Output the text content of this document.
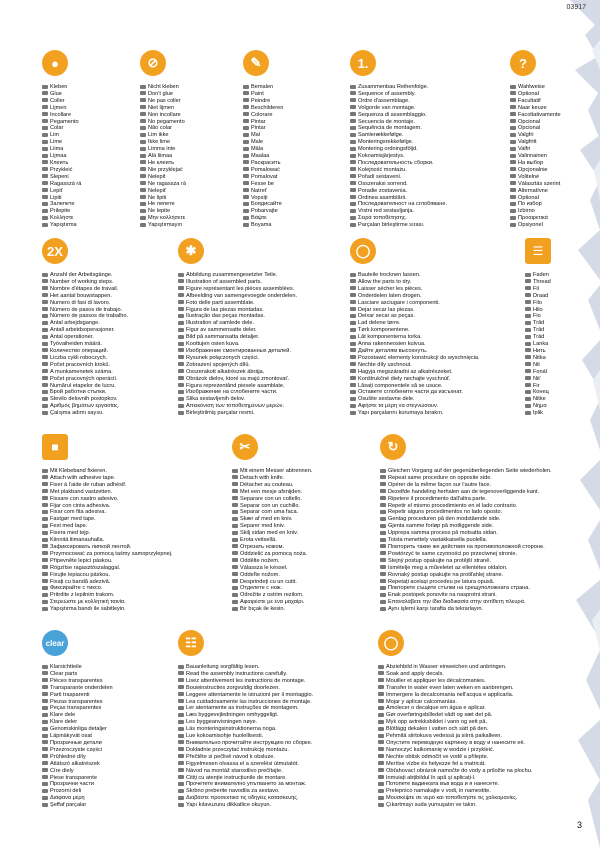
03917
●
Kleben
Glue
Coller
Lijmen
Incollare
Pegamento
Colar
Lim
Lime
Liima
Lijmaa
Клеить
Przykleić
Slepeni
Ragasszá rá
Lepiť
Lipiti
Залепете
Prilepite
Κολλήστε
Yapıştırma
⊘
Nicht kleben
Don't glue
Ne pas coller
Niet lijmen
Non incollare
No pegamento
Não colar
Lim ikke
Ikke lime
Limma inte
Älä liimaa
Не клеить
Nie przyklejać
Nelepit
Ne ragassza rá
Nelepiť
Ne lipiti
Не лепете
Ne lepite
Μην κολλήσετε
Yapıştırmayın
✎
Bemalen
Paint
Peindre
Beschilderen
Colorare
Pintar
Pintar
Mal
Male
Måla
Maalaa
Раскрасить
Pomalować
Pomalovat
Fesse be
Natreť
Vopsiți
Боядисайте
Pobarvajte
Βάψτε
Boyama
1.
Zusammenbau Reihenfolge.
Sequence of assembly.
Ordre d'assemblage.
Volgorde van montage.
Sequenza di assemblaggio.
Secuencia de montaje.
Sequência de montagem.
Samlerækkefølge.
Monteringsrekkefølge.
Montering ordningsföljd.
Kokoamisjärjestys.
Последовательность сборки.
Kolejność montażu.
Pořadí sestavení.
Összeraksi sorrend.
Poradie zostavenia.
Ordinea asamblării.
Последователност на сглобяване.
Vrstni red sestavljanja.
Σειρά τοποθέτησης.
Parçaları birleştirme sırası.
?
Wahlweise
Optional
Facultatif
Naar keuze
Facoltativamente
Opcional
Opcional
Valgfri
Valgfritt
Valfri
Valinnainen
На выбор
Opcjonalnie
Volitelné
Választás szerint
Alternatívne
Optional
По избор
Izbirno
Προαιρετικά
Opsiyonel
2X
Anzahl der Arbeitsgänge.
Number of working steps.
Nombre d'étapes de travail.
Het aantal bouwstappen.
Numero di fasi di lavoro.
Número de pasos de trabajo.
Número de passos de trabalho.
Antal arbejdsgange.
Antall arbeidsoperasjoner.
Antal operationer.
Työvaiheiden määrä.
Количество операций.
Liczba cykli roboczych.
Počet pracovních kroků.
A munkamenetek száma.
Počet pracovných operácií.
Numărul etapelor de lucru.
Брой работни стъпки.
Število delovnih postopkov.
Αριθμός βημάτων εργασίας.
Çalışma adımı sayısı.
✱
Abbildung zusammengesetzter Teile.
Illustration of assembled parts.
Figure représentant les pièces assemblées.
Afbeelding van samengevoegde onderdelen.
Foto delle parti assemblate.
Figura de las piezas montadas.
Ilustração das peças montadas.
Illustration af samlede dele.
Figur av sammensatte deler.
Bild på sammansatta detaljer.
Koottujen osien kuva.
Изображение смонтированных деталей.
Rysunek połączonych części.
Zobrazení spojených dílů.
Összerakott alkatrészek ábrája.
Obrázok dielov, ktoré sa majú zmontovať.
Figura reprezentând piesele asamblate.
Изображение на сглобените части.
Slika sestavljenih delov.
Απεικόνιση των τοποθετημένων μερών.
Birleştirilmiş parçalar resmi.
◯
Bauteile trocknen lassen.
Allow the parts to dry.
Laisser sécher les pièces.
Onderdelen laten drogen.
Lasciare asciugare i componenti.
Dejar secar las piezas.
Deixar secar as peças.
Lad delene tørre.
Tørk komponentene.
Låt komponenterna torka.
Anna rakenneosien kuivua.
Дайте деталям высохнуть.
Pozostawić elementy konstrukcji do wyschnięcia.
Nechte díly uschnout.
Hagyja megszáradni az alkatrészeket.
Konštrukčné diely nechajte vyschnúť.
Lăsați componentele să se usuce.
Оставете сглобените части да изсъхнат.
Osušite sestavne dele.
Αφήστε τα μέρη να στεγνώσουν.
Yapı parçalarını kurumaya bırakın.
☰
Faden
Thread
Fil
Draad
Filo
Hilo
Fio
Tråd
Tråd
Tråd
Lanka
Нить
Nitka
Nit
Fonál
Niť
Fir
Конец
Nitke
Νήμα
İplik
■
Mit Klebeband fixieren.
Attach with adhesive tape.
Fixer à l'aide de ruban adhésif.
Met plakband vastzetten.
Fissare con nastro adesivo.
Fijar con cinta adhesiva.
Fixar com fita adesiva.
Fastgør med tape.
Fest med tape.
Fixera med tejp.
Kiinnitä liimanauhalla.
Зафиксировать липкой лентой.
Przymocować za pomocą taśmy samoprzylepnej.
Připevněte lepicí páskou.
Rögzítse ragasztószalaggal.
Fixujte lepiacou páskou.
Fixați cu bandă adezivă.
Фиксирайте с тиксо.
Pritrdite z lepilnim trakom.
Στερεώστε με κολλητική ταινία.
Yapıştırma bandı ile sabitleyin.
✂
Mit einem Messer abtrennen.
Detach with knife.
Détacher au couteau.
Met een mesje afsnijden.
Separare con un coltello.
Separar con un cuchillo.
Separar com uma faca.
Skær af med en kniv.
Separer med kniv.
Skilj sidan med en kniv.
Erota veitsellä.
Отрезать ножом.
Oddzielić za pomocą noża.
Oddělte nožem.
Válassza le késsel.
Oddeľte nožom.
Desprindeți cu un cutit.
Отделете с нож.
Odrežite z ostrim rezilom.
Αφαιρέστε με ένα μαχαίρι.
Bir bıçak ile kesin.
↻
Gleichen Vorgang auf der gegenüberliegenden Seite wiederholen.
Repeat same procedure on opposite side.
Opérer de la même façon sur l'autre face.
Dezelfde handeling herhalen aan de tegenoverliggende kant.
Ripetere il procedimento dall'altra parte.
Repetir el mismo procedimiento en el lado contrario.
Repetir alguns procedimentos no lado oposto.
Gentag proceduren på den modstående side.
Gjenta samme forløp på motliggende side.
Upprepa samma process på motsatta sidan.
Toista menettely vastakkaisella puolella.
Повторить такие же действия на противоположной стороне.
Powtórzyć te same czynności po przeciwnej stronie.
Stejný postup opakujte na protější straně.
Ismételje meg a műveletet az ellentétes oldalon.
Rovnaký postup opakujte na protiľahlej strane.
Repetați același procedeu pe latura opusă.
Повторете същите стъпки на срещуположната страна.
Enak postopek ponovite na nasprotni strani.
Επαναλάβετε την ίδια διαδικασία στην αντίθετη πλευρά.
Aynı işlemi karşı tarafta da tekrarlayın.
clear
Klarsichtteile
Clear parts
Pièces transparentes
Transparante onderdelen
Parti trasparenti
Piezas transparentes
Peças transparentes
Klare dele
Klare deler
Genomskinliga detaljer
Läpinäkyvät osat
Прозрачные детали
Przezroczyste części
Průhledné díly
Átlátszó alkatrészek
Číre diely
Piese transparente
Прозрачни части
Prozorni deli
Διάφανα μέρη
Şeffaf parçalar
☷
Bauanleitung sorgfältig lesen.
Read the assembly instructions carefully.
Lisez attentivement les instructions de montage.
Bouwinstructies zorgvuldig doorlezen.
Leggere attentamente le istruzioni per il montaggio.
Lea cuidadosamente las instrucciones de montaje.
Ler atentamente as instruções de montagem.
Læs byggevejledningen omhyggeligt.
Les byggeanvisningen nøye.
Läs monteringsinstruktionerna noga.
Lue kokoamisohje huolellisesti.
Внимательно прочитайте инструкцию по сборке.
Dokładnie przeczytać instrukcję montażu.
Přečtěte si pečlivě návod k obsluze.
Figyelmesen olvassa el a szerelési útmutatót.
Návod na montáž starostlivo prečítajte.
Citiți cu atenție instrucțiunile de montare.
Прочетете внимателно упътването за монтаж.
Skrbno preberite navodila za sestavo.
Διαβάστε προσεκτικά τις οδηγίες κατασκευής.
Yapı kılavuzunu dikkatlice okuyun.
◯
Abziehbild in Wasser einweichen und anbringen.
Soak and apply decals.
Mouiller et appliquer les décalcomanies.
Transfer in water even laten weken en aanbrengen.
Immergere la decalcomania nell'acqua e applicarla.
Mojar y aplicar calcomanías.
Amolecer o decalque em água e aplicar.
Gør overføringsbilledet vådt og sæt det på.
Myk opp avtrekksbildet i vann og sett på.
Blötlägg dekalen i vatten och sätt på den.
Pehmitä siirtokuva vedessä ja siirrä paikalleen.
Опустите переводную картинку в воду и нанесите её.
Namoczyć kalkomanię w wodzie i przykleić.
Nechte obtisk odmočit ve vodě a přilepte.
Merítse vízbe és helyezze fel a matricát.
Obťahovací obrázok namočte do vody a priložte na plochu.
Înmuiați abțibildul în apă și aplicați-l.
Потопете вадинката във вода и я нанесете.
Prelepnico namakajte v vodi, in namestite.
Μουσκέψτε σε νερό και τοποθετήστε τις χαλκομανίες.
Çıkartmayı suda yumuşatın ve takın.
3
